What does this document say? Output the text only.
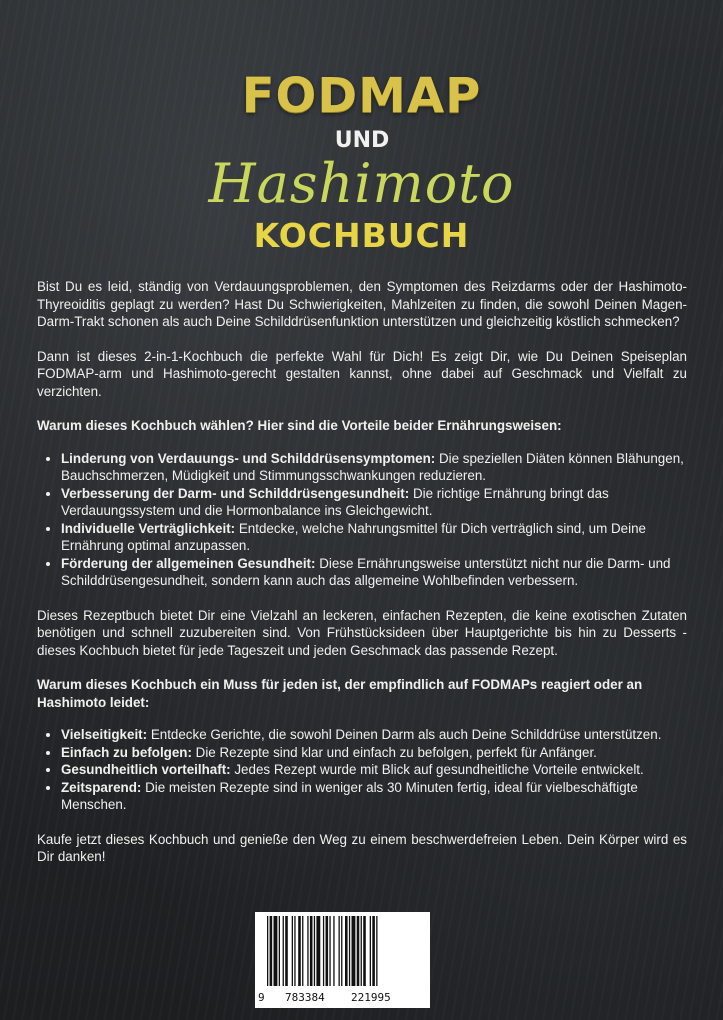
FODMAP
UND
Hashimoto
KOCHBUCH

Bist Du es leid, ständig von Verdauungsproblemen, den Symptomen des Reizdarms oder der Hashimoto-Thyreoiditis geplagt zu werden? Hast Du Schwierigkeiten, Mahlzeiten zu finden, die sowohl Deinen Magen-Darm-Trakt schonen als auch Deine Schilddrüsenfunktion unterstützen und gleichzeitig köstlich schmecken?

Dann ist dieses 2-in-1-Kochbuch die perfekte Wahl für Dich! Es zeigt Dir, wie Du Deinen Speiseplan FODMAP-arm und Hashimoto-gerecht gestalten kannst, ohne dabei auf Geschmack und Vielfalt zu verzichten.

Warum dieses Kochbuch wählen? Hier sind die Vorteile beider Ernährungsweisen:

• Linderung von Verdauungs- und Schilddrüsensymptomen: Die speziellen Diäten können Blähungen, Bauchschmerzen, Müdigkeit und Stimmungsschwankungen reduzieren.
• Verbesserung der Darm- und Schilddrüsengesundheit: Die richtige Ernährung bringt das Verdauungssystem und die Hormonbalance ins Gleichgewicht.
• Individuelle Verträglichkeit: Entdecke, welche Nahrungsmittel für Dich verträglich sind, um Deine Ernährung optimal anzupassen.
• Förderung der allgemeinen Gesundheit: Diese Ernährungsweise unterstützt nicht nur die Darm- und Schilddrüsengesundheit, sondern kann auch das allgemeine Wohlbefinden verbessern.

Dieses Rezeptbuch bietet Dir eine Vielzahl an leckeren, einfachen Rezepten, die keine exotischen Zutaten benötigen und schnell zuzubereiten sind. Von Frühstücksideen über Hauptgerichte bis hin zu Desserts - dieses Kochbuch bietet für jede Tageszeit und jeden Geschmack das passende Rezept.

Warum dieses Kochbuch ein Muss für jeden ist, der empfindlich auf FODMAPs reagiert oder an Hashimoto leidet:

• Vielseitigkeit: Entdecke Gerichte, die sowohl Deinen Darm als auch Deine Schilddrüse unterstützen.
• Einfach zu befolgen: Die Rezepte sind klar und einfach zu befolgen, perfekt für Anfänger.
• Gesundheitlich vorteilhaft: Jedes Rezept wurde mit Blick auf gesundheitliche Vorteile entwickelt.
• Zeitsparend: Die meisten Rezepte sind in weniger als 30 Minuten fertig, ideal für vielbeschäftigte Menschen.

Kaufe jetzt dieses Kochbuch und genieße den Weg zu einem beschwerdefreien Leben. Dein Körper wird es Dir danken!

9 783384 221995
